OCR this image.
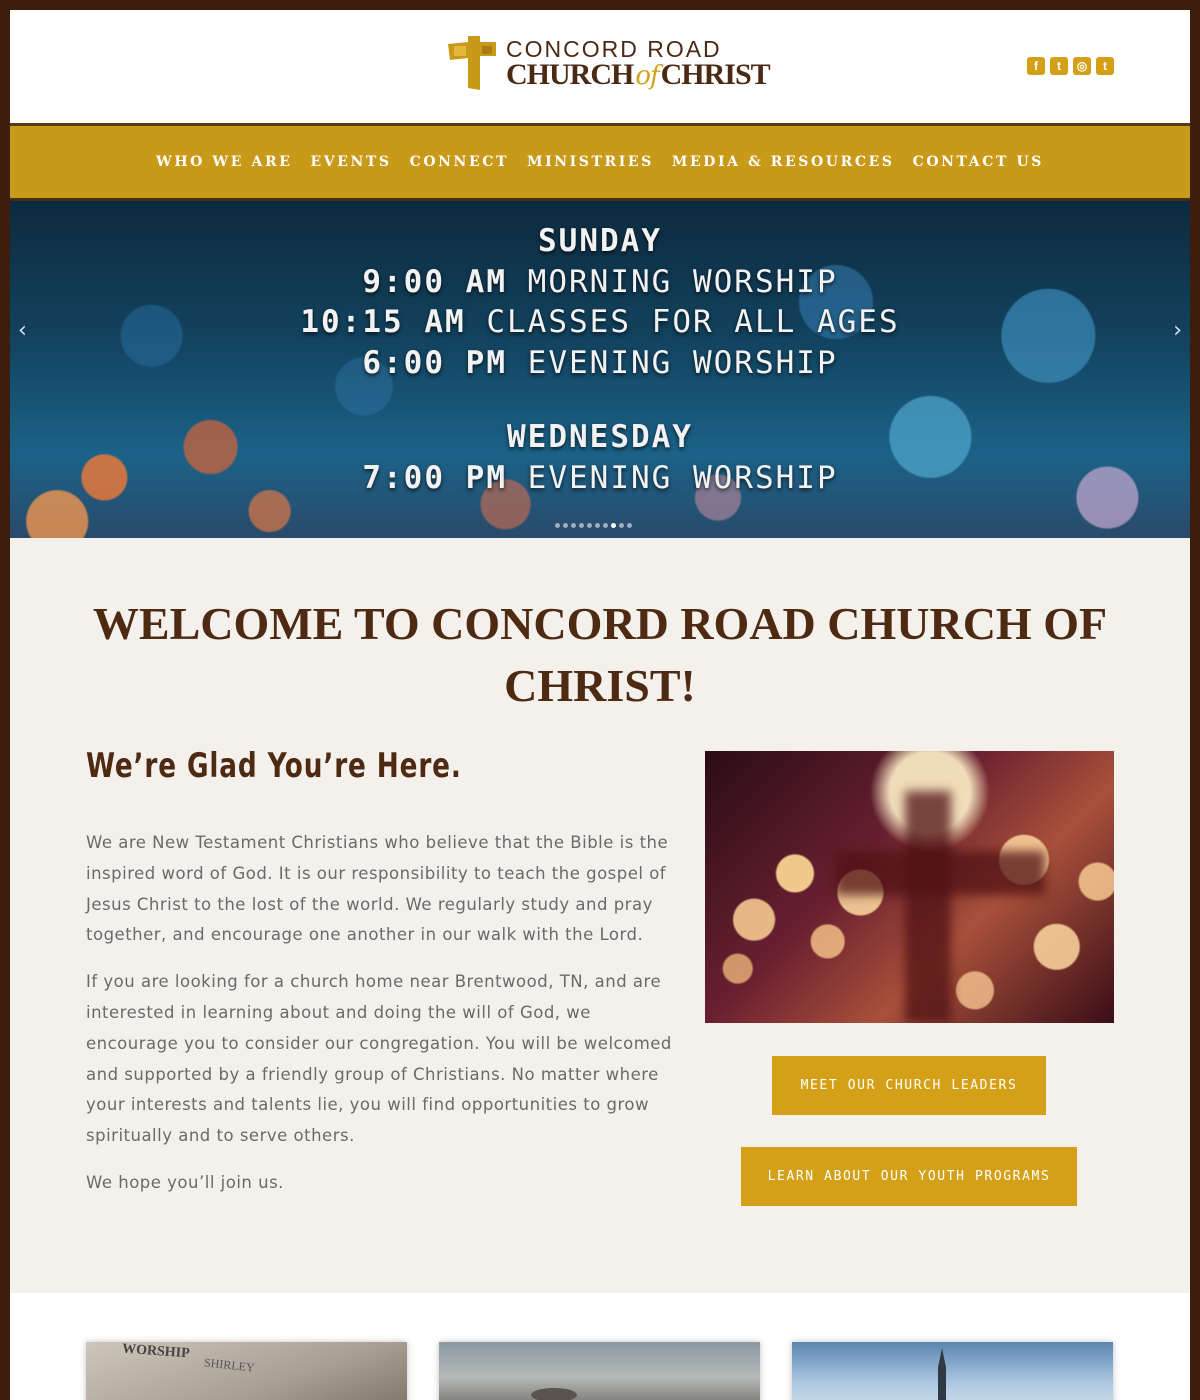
CONCORD ROAD
CHURCHofCHRIST	f	t	◎	t
WHO WE ARE	EVENTS	CONNECT	MINISTRIES	MEDIA & RESOURCES	CONTACT US
SUNDAY
9:00 AM MORNING WORSHIP
10:15 AM CLASSES FOR ALL AGES
6:00 PM EVENING WORSHIP
WEDNESDAY
7:00 PM EVENING WORSHIP
‹	›
WELCOME TO CONCORD ROAD CHURCH OF CHRIST!
We’re Glad You’re Here.

We are New Testament Christians who believe that the Bible is the inspired word of God. It is our responsibility to teach the gospel of Jesus Christ to the lost of the world. We regularly study and pray together, and encourage one another in our walk with the Lord.

If you are looking for a church home near Brentwood, TN, and are interested in learning about and doing the will of God, we encourage you to consider our congregation. You will be welcomed and supported by a friendly group of Christians. No matter where your interests and talents lie, you will find opportunities to grow spiritually and to serve others.

We hope you’ll join us.

MEET OUR CHURCH LEADERS
LEARN ABOUT OUR YOUTH PROGRAMS
WORSHIP
SHIRLEY
